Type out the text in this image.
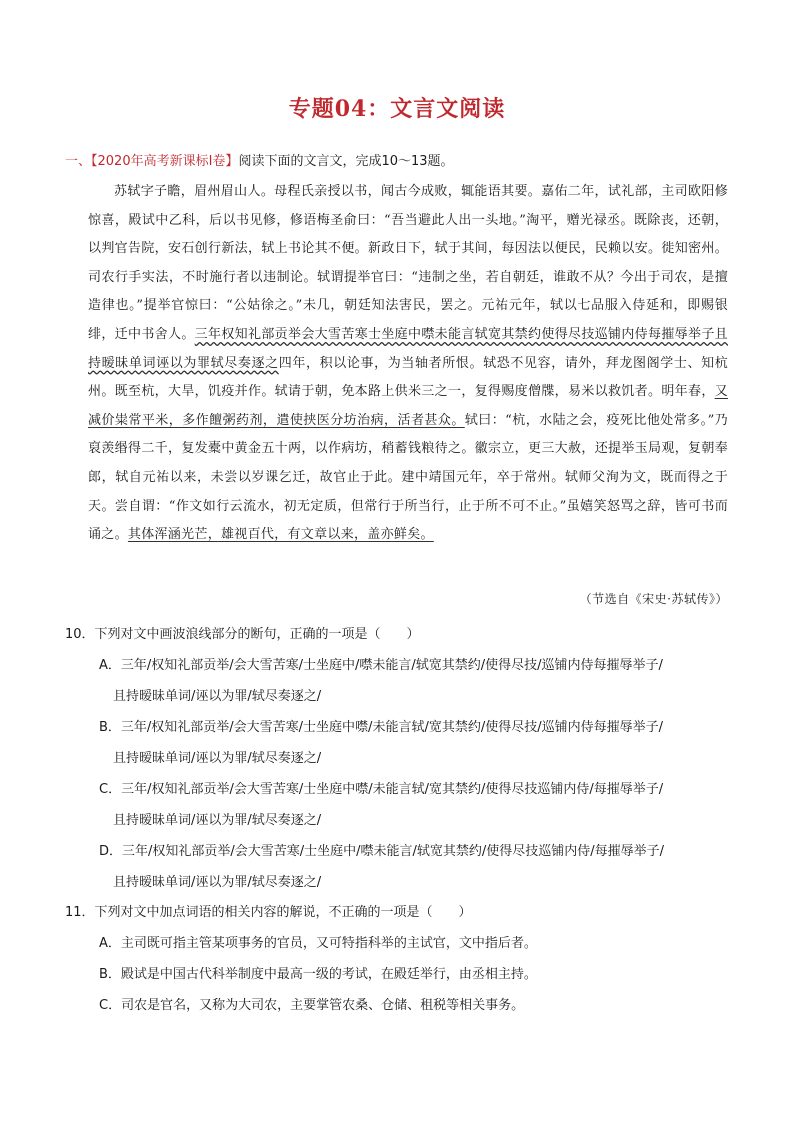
专题04：文言文阅读
一、【2020年高考新课标Ⅰ卷】阅读下面的文言文，完成10～13题。

苏轼字子瞻，眉州眉山人。母程氏亲授以书，闻古今成败，辄能语其要。嘉佑二年，试礼部，主司欧阳修惊喜，殿试中乙科，后以书见修，修语梅圣俞曰：“吾当避此人出一头地。”淘平，赠光禄丞。既除丧，还朝，以判官告院，安石创行新法，轼上书论其不便。新政日下，轼于其间，每因法以便民，民赖以安。徙知密州。司农行手实法，不时施行者以违制论。轼谓提举官曰：“违制之坐，若自朝廷，谁敢不从？今出于司农，是擅造律也。”提举官惊曰：“公姑徐之。”未几，朝廷知法害民，罢之。元祐元年，轼以七品服入侍延和，即赐银绯，迁中书舍人。三年权知礼部贡举会大雪苦寒士坐庭中噤未能言轼宽其禁约使得尽技巡铺内侍每摧辱举子且持暧昧单词诬以为罪轼尽奏逐之四年，积以论事，为当轴者所恨。轼恐不见容，请外，拜龙图阁学士、知杭州。既至杭，大旱，饥疫并作。轼请于朝，免本路上供米三之一，复得赐度僧牒，易米以救饥者。明年春，又减价粜常平米，多作饘粥药剂，遣使挟医分坊治病，活者甚众。轼曰：“杭，水陆之会，疫死比他处常多。”乃裒羡缗得二千，复发橐中黄金五十两，以作病坊，稍蓄钱粮待之。徽宗立，更三大赦，还提举玉局观，复朝奉郎，轼自元祐以来，未尝以岁课乞迁，故官止于此。建中靖国元年，卒于常州。轼师父洵为文，既而得之于天。尝自谓：“作文如行云流水，初无定质，但常行于所当行，止于所不可不止。”虽嬉笑怒骂之辞，皆可书而诵之。其体浑涵光芒，雄视百代，有文章以来，盖亦鲜矣。

（节选自《宋史·苏轼传》）

10．下列对文中画波浪线部分的断句，正确的一项是（　　）

A．三年/权知礼部贡举/会大雪苦寒/士坐庭中/噤未能言/轼宽其禁约/使得尽技/巡铺内侍每摧辱举子/
且持暧昧单词/诬以为罪/轼尽奏逐之/

B．三年/权知礼部贡举/会大雪苦寒/士坐庭中噤/未能言轼/宽其禁约/使得尽技/巡铺内侍每摧辱举子/
且持暧昧单词/诬以为罪/轼尽奏逐之/

C．三年/权知礼部贡举/会大雪苦寒/士坐庭中噤/未能言轼/宽其禁约/使得尽技巡铺内侍/每摧辱举子/
且持暧昧单词/诬以为罪/轼尽奏逐之/

D．三年/权知礼部贡举/会大雪苦寒/士坐庭中/噤未能言/轼宽其禁约/使得尽技巡铺内侍/每摧辱举子/
且持暧昧单词/诬以为罪/轼尽奏逐之/

11．下列对文中加点词语的相关内容的解说，不正确的一项是（　　）

A．主司既可指主管某项事务的官员，又可特指科举的主试官，文中指后者。

B．殿试是中国古代科举制度中最高一级的考试，在殿廷举行，由丞相主持。

C．司农是官名，又称为大司农，主要掌管农桑、仓储、租税等相关事务。
